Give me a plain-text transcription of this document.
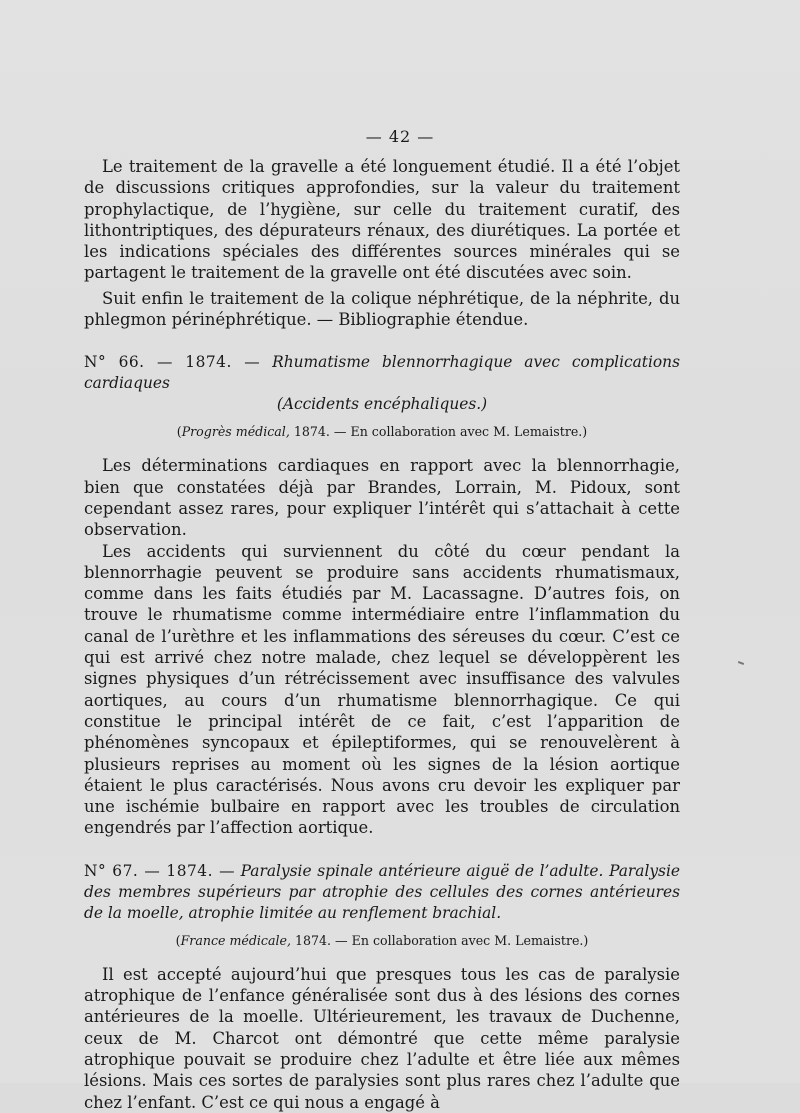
— 42 —

Le traitement de la gravelle a été longuement étudié. Il a été l’objet de discussions critiques approfondies, sur la valeur du traitement prophylactique, de l’hygiène, sur celle du traitement curatif, des lithontriptiques, des dépurateurs rénaux, des diurétiques. La portée et les indications spéciales des différentes sources minérales qui se partagent le traitement de la gravelle ont été discutées avec soin.

Suit enfin le traitement de la colique néphrétique, de la néphrite, du phlegmon périnéphrétique. — Bibliographie étendue.

N° 66. — 1874. — Rhumatisme blennorrhagique avec complications cardiaques
(Accidents encéphaliques.)
(Progrès médical, 1874. — En collaboration avec M. Lemaistre.)

Les déterminations cardiaques en rapport avec la blennorrhagie, bien que constatées déjà par Brandes, Lorrain, M. Pidoux, sont cependant assez rares, pour expliquer l’intérêt qui s’attachait à cette observation.

Les accidents qui surviennent du côté du cœur pendant la blennorrhagie peuvent se produire sans accidents rhumatismaux, comme dans les faits étudiés par M. Lacassagne. D’autres fois, on trouve le rhumatisme comme intermédiaire entre l’inflammation du canal de l’urèthre et les inflammations des séreuses du cœur. C’est ce qui est arrivé chez notre malade, chez lequel se développèrent les signes physiques d’un rétrécissement avec insuffisance des valvules aortiques, au cours d’un rhumatisme blennorrhagique. Ce qui constitue le principal intérêt de ce fait, c’est l’apparition de phénomènes syncopaux et épileptiformes, qui se renouvelèrent à plusieurs reprises au moment où les signes de la lésion aortique étaient le plus caractérisés. Nous avons cru devoir les expliquer par une ischémie bulbaire en rapport avec les troubles de circulation engendrés par l’affection aortique.

N° 67. — 1874. — Paralysie spinale antérieure aiguë de l’adulte. Paralysie des membres supérieurs par atrophie des cellules des cornes antérieures de la moelle, atrophie limitée au renflement brachial.
(France médicale, 1874. — En collaboration avec M. Lemaistre.)

Il est accepté aujourd’hui que presques tous les cas de paralysie atrophique de l’enfance généralisée sont dus à des lésions des cornes antérieures de la moelle. Ultérieurement, les travaux de Duchenne, ceux de M. Charcot ont démontré que cette même paralysie atrophique pouvait se produire chez l’adulte et être liée aux mêmes lésions. Mais ces sortes de paralysies sont plus rares chez l’adulte que chez l’enfant. C’est ce qui nous a engagé à
